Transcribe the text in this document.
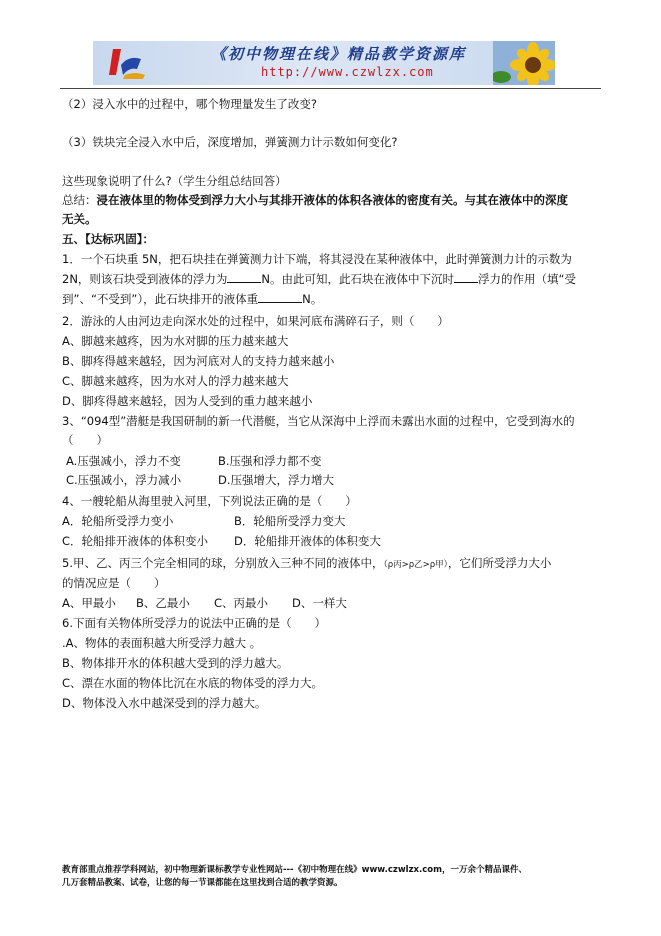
《初中物理在线》精品教学资源库
http://www.czwlzx.com
（2）浸入水中的过程中，哪个物理量发生了改变?
（3）铁块完全浸入水中后，深度增加，弹簧测力计示数如何变化?
这些现象说明了什么?（学生分组总结回答）
总结：浸在液体里的物体受到浮力大小与其排开液体的体积各液体的密度有关。与其在液体中的深度
无关。
五、【达标巩固】：
1．一个石块重 5N，把石块挂在弹簧测力计下端，将其浸没在某种液体中，此时弹簧测力计的示数为
2N，则该石块受到液体的浮力为	N。由此可知，此石块在液体中下沉时 浮力的作用（填“受
到”、“不受到”），此石块排开的液体重	N。
2．游泳的人由河边走向深水处的过程中，如果河底布满碎石子，则（　　）
A、脚越来越疼，因为水对脚的压力越来越大
B、脚疼得越来越轻，因为河底对人的支持力越来越小
C、脚越来越疼，因为水对人的浮力越来越大
D、脚疼得越来越轻，因为人受到的重力越来越小
3、“094型”潜艇是我国研制的新一代潜艇，当它从深海中上浮而未露出水面的过程中，它受到海水的
（　　）
A.压强减小，浮力不变	B.压强和浮力都不变
C.压强减小，浮力减小	D.压强增大，浮力增大
4、一艘轮船从海里驶入河里，下列说法正确的是（　　）
A．轮船所受浮力变小	B．轮船所受浮力变大
C．轮船排开液体的体积变小 D．轮船排开液体的体积变大
5.甲、乙、丙三个完全相同的球，分别放入三种不同的液体中，（ρ丙>ρ乙>ρ甲），它们所受浮力大小
的情况应是（　　）
A、甲最小 B、乙最小 C、丙最小 D、一样大
6.下面有关物体所受浮力的说法中正确的是（　　）
.A、物体的表面积越大所受浮力越大 。
B、物体排开水的体积越大受到的浮力越大。
C、漂在水面的物体比沉在水底的物体受的浮力大。
D、物体没入水中越深受到的浮力越大。
教育部重点推荐学科网站，初中物理新课标教学专业性网站---《初中物理在线》www.czwlzx.com，一万余个精品课件、
几万套精品教案、试卷，让您的每一节课都能在这里找到合适的教学资源。
